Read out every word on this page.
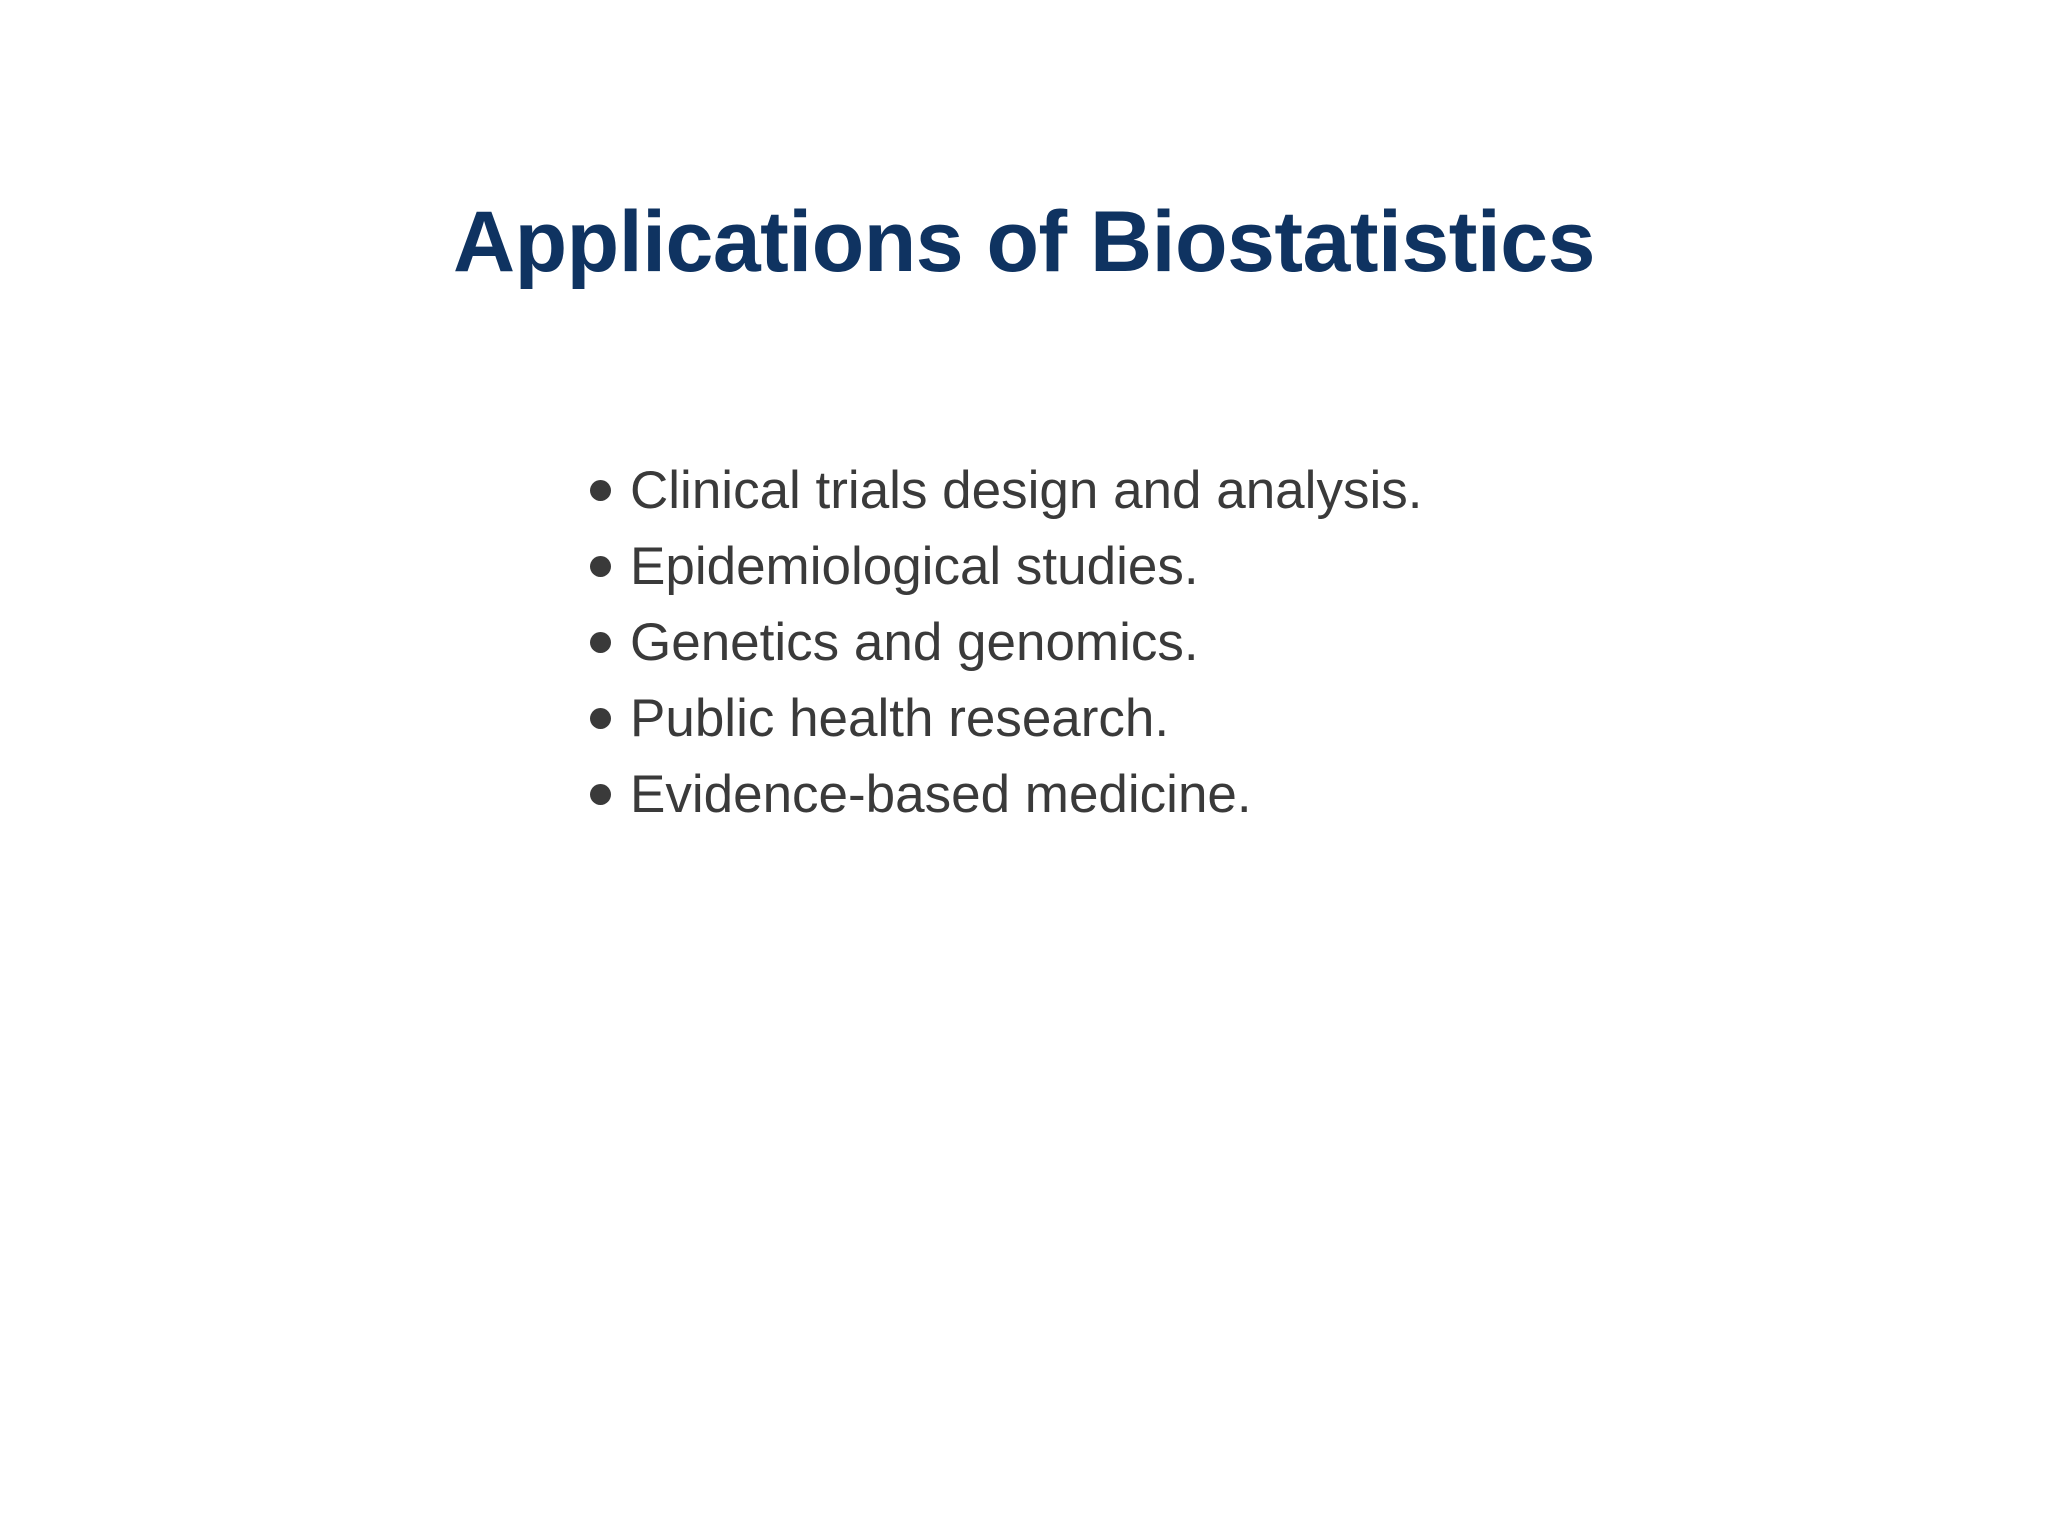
Applications of Biostatistics
Clinical trials design and analysis.
Epidemiological studies.
Genetics and genomics.
Public health research.
Evidence-based medicine.
